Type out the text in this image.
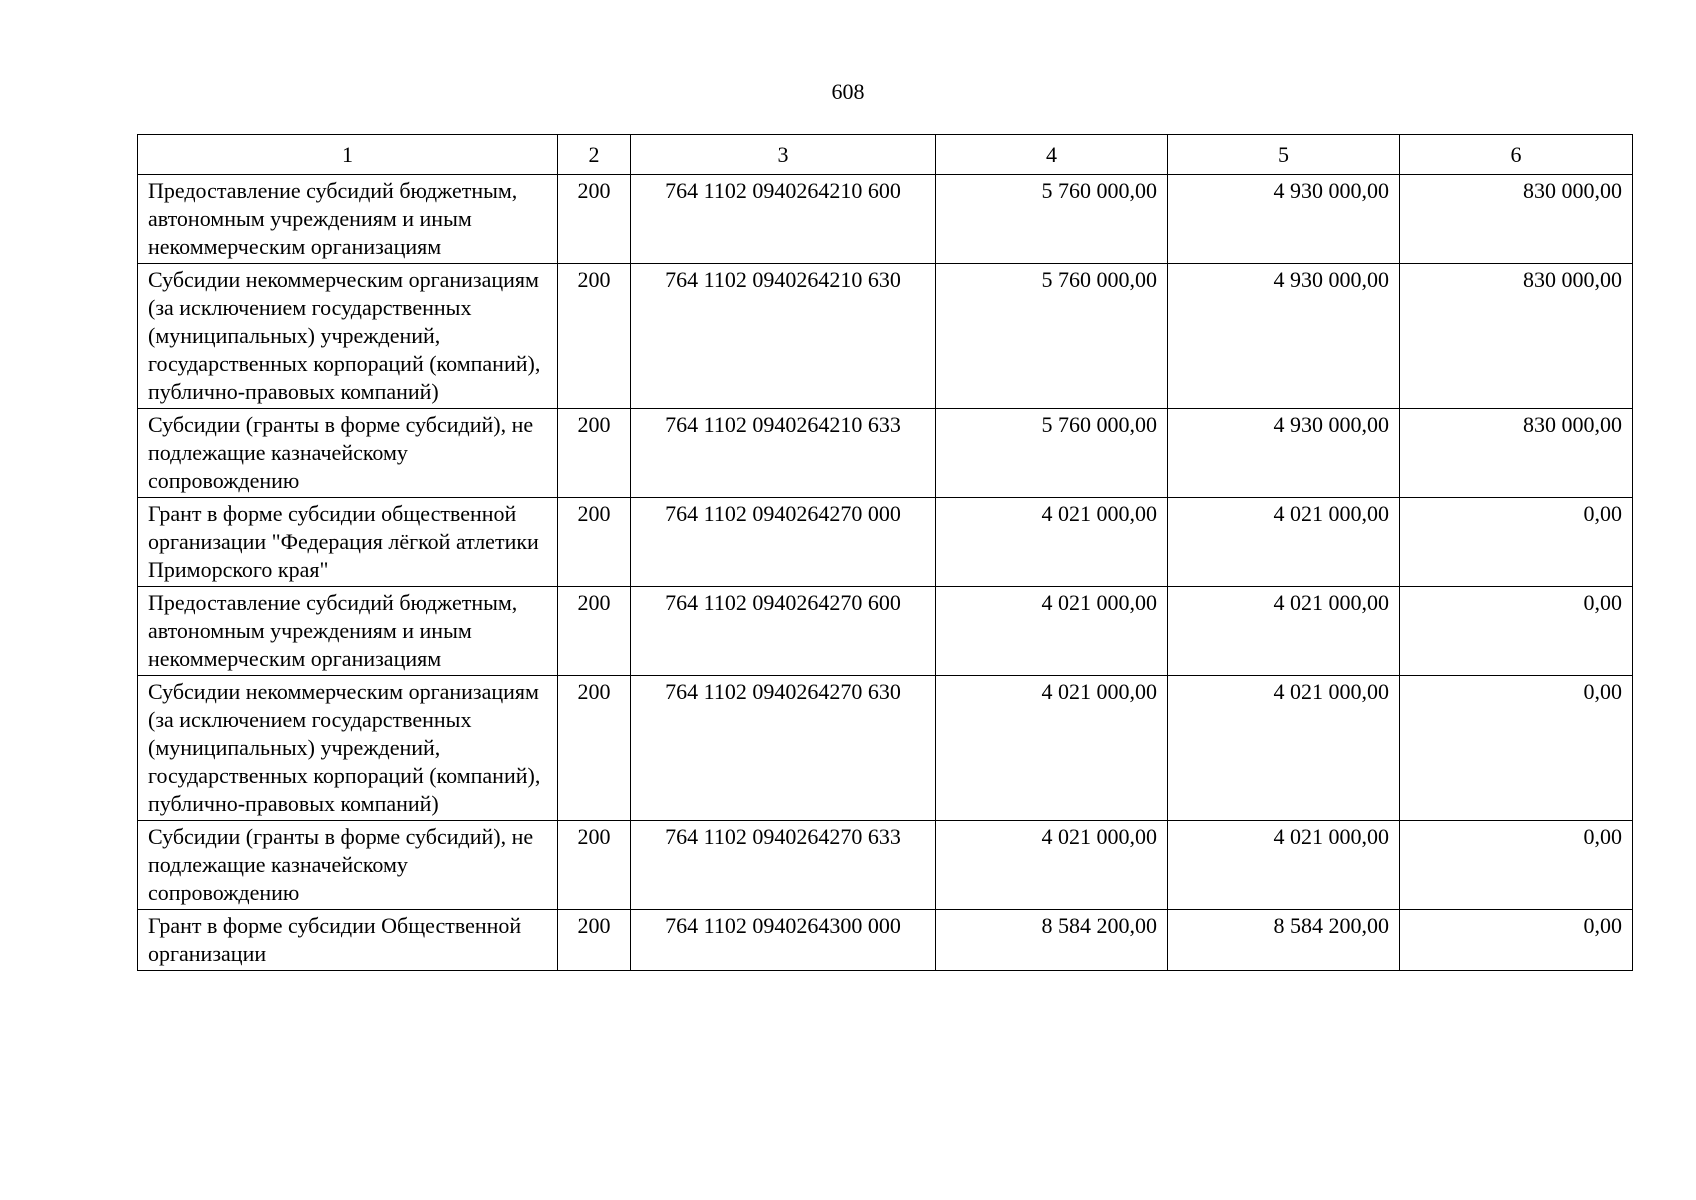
608
1	2	3	4	5	6
Предоставление субсидий бюджетным, автономным учреждениям и иным некоммерческим организациям	200	764 1102 0940264210 600	5 760 000,00	4 930 000,00	830 000,00
Субсидии некоммерческим организациям (за исключением государственных (муниципальных) учреждений, государственных корпораций (компаний), публично-правовых компаний)	200	764 1102 0940264210 630	5 760 000,00	4 930 000,00	830 000,00
Субсидии (гранты в форме субсидий), не подлежащие казначейскому сопровождению	200	764 1102 0940264210 633	5 760 000,00	4 930 000,00	830 000,00
Грант в форме субсидии общественной организации "Федерация лёгкой атлетики Приморского края"	200	764 1102 0940264270 000	4 021 000,00	4 021 000,00	0,00
Предоставление субсидий бюджетным, автономным учреждениям и иным некоммерческим организациям	200	764 1102 0940264270 600	4 021 000,00	4 021 000,00	0,00
Субсидии некоммерческим организациям (за исключением государственных (муниципальных) учреждений, государственных корпораций (компаний), публично-правовых компаний)	200	764 1102 0940264270 630	4 021 000,00	4 021 000,00	0,00
Субсидии (гранты в форме субсидий), не подлежащие казначейскому сопровождению	200	764 1102 0940264270 633	4 021 000,00	4 021 000,00	0,00
Грант в форме субсидии Общественной организации	200	764 1102 0940264300 000	8 584 200,00	8 584 200,00	0,00
